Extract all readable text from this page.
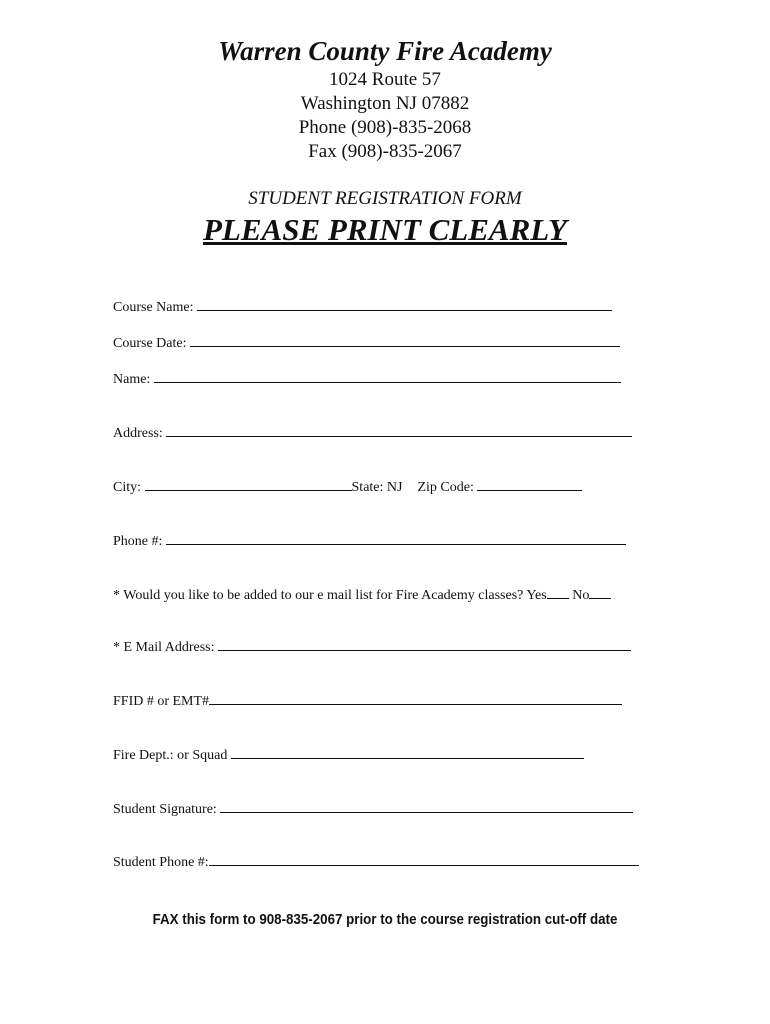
Warren County Fire Academy
1024 Route 57
Washington NJ 07882
Phone (908)-835-2068
Fax (908)-835-2067
STUDENT REGISTRATION FORM
PLEASE PRINT CLEARLY
Course Name:
Course Date:
Name:
Address:
City:	State: NJ Zip Code:
Phone #:
* Would you like to be added to our e mail list for Fire Academy classes? Yes No
* E Mail Address:
FFID # or EMT#
Fire Dept.: or Squad
Student Signature:
Student Phone #:
FAX this form to 908-835-2067 prior to the course registration cut-off date
